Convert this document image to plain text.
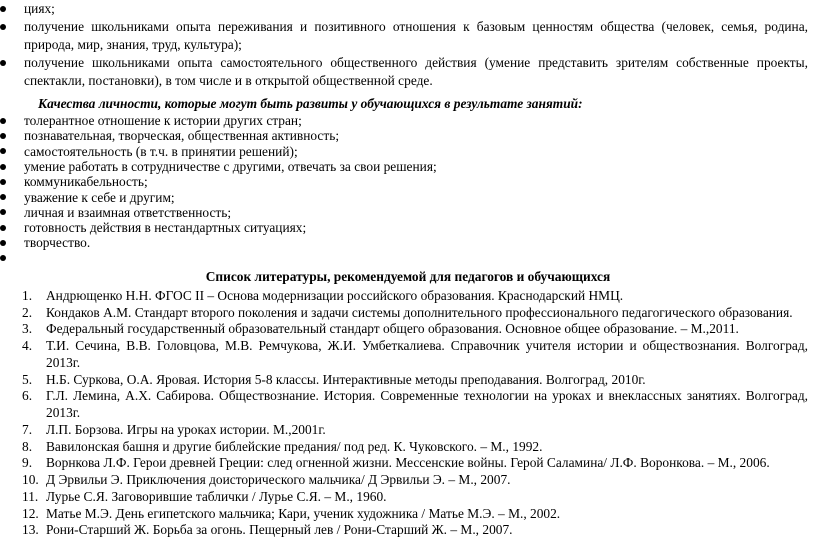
циях;
получение школьниками опыта переживания и позитивного отношения к базовым ценностям общества (человек, семья, родина, природа, мир, знания, труд, культура);
получение школьниками опыта самостоятельного общественного действия (умение представить зрителям собственные проекты, спектакли, постановки), в том числе и в открытой общественной среде.
Качества личности, которые могут быть развиты у обучающихся в результате занятий:
толерантное отношение к истории других стран;
познавательная, творческая, общественная активность;
самостоятельность (в т.ч. в принятии решений);
умение работать в сотрудничестве с другими, отвечать за свои решения;
коммуникабельность;
уважение к себе и другим;
личная и взаимная ответственность;
готовность действия в нестандартных ситуациях;
творчество.
Список литературы, рекомендуемой для педагогов и обучающихся
1. Андрющенко Н.Н. ФГОС II – Основа модернизации российского образования. Краснодарский НМЦ.
2. Кондаков А.М. Стандарт второго поколения и задачи системы дополнительного профессионального педагогического образования.
3. Федеральный государственный образовательный стандарт общего образования. Основное общее образование. – М.,2011.
4. Т.И. Сечина, В.В. Головцова, М.В. Ремчукова, Ж.И. Умбеткалиева. Справочник учителя истории и обществознания. Волгоград, 2013г.
5. Н.Б. Суркова, О.А. Яровая. История 5-8 классы. Интерактивные методы преподавания. Волгоград, 2010г.
6. Г.Л. Лемина, А.Х. Сабирова. Обществознание. История. Современные технологии на уроках и внеклассных занятиях. Волгоград, 2013г.
7. Л.П. Борзова. Игры на уроках истории. М.,2001г.
8. Вавилонская башня и другие библейские предания/ под ред. К. Чуковского. – М., 1992.
9. Ворнкова Л.Ф. Герои древней Греции: след огненной жизни. Мессенские войны. Герой Саламина/ Л.Ф. Воронкова. – М., 2006.
10. Д Эрвильи Э. Приключения доисторического мальчика/ Д Эрвильи Э. – М., 2007.
11. Лурье С.Я. Заговорившие таблички / Лурье С.Я. – М., 1960.
12. Матье М.Э. День египетского мальчика; Кари, ученик художника / Матье М.Э. – М., 2002.
13. Рони-Старший Ж. Борьба за огонь. Пещерный лев / Рони-Старший Ж. – М., 2007.
